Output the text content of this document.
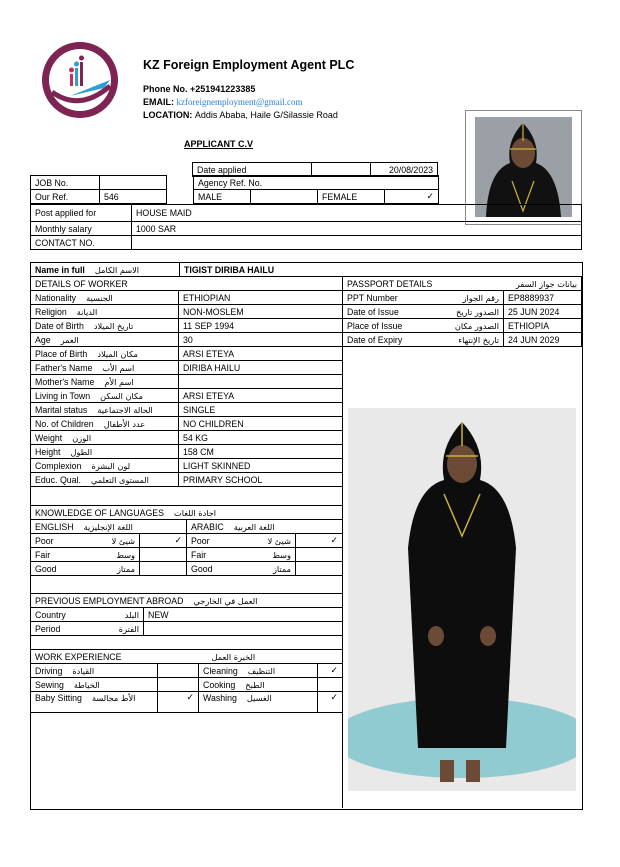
KZ Foreign Employment Agent PLC
Phone No. +251941223385
EMAIL: kzforeignemployment@gmail.com
LOCATION: Addis Ababa, Haile G/Silassie Road
APPLICANT C.V
Date applied		20/08/2023
JOB No.			Agency Ref. No.			
Our Ref.	546		MALE		FEMALE	✓
Post applied for	HOUSE MAID
Monthly salary	1000 SAR
CONTACT NO.	
Name in full الاسم الكامل	TIGIST DIRIBA HAILU
DETAILS OF WORKER	
Nationality الجنسية	ETHIOPIAN
Religion الديانة	NON-MOSLEM
Date of Birth تاريخ الميلاد	11 SEP 1994
Age العمر	30
Place of Birth مكان الميلاد	ARSI ETEYA
Father's Name اسم الأب	DIRIBA HAILU
Mother's Name اسم الأم	
Living in Town مكان السكن	ARSI ETEYA
Marital status الحالة الاجتماعية	SINGLE
No. of Children عدد الأطفال	NO CHILDREN
Weight الوزن	54 KG
Height الطول	158 CM
Complexion لون البشرة	LIGHT SKINNED
Educ. Qual. المستوى التعلمي	PRIMARY SCHOOL
PASSPORT DETAILS بيانات جواز السفر	

PPT Number رقم الجواز	EP8889937
Date of Issue الصدور تاريخ	25 JUN 2024
Place of Issue الصدور مكان	ETHIOPIA
Date of Expiry تاريخ الإنتهاء	24 JUN 2029
KNOWLEDGE OF LANGUAGES اجادة اللغات			
ENGLISH اللغة الإنجليزية		ARABIC اللغة العربية	
Poor شيئ لا	✓	Poor شيئ لا	✓
Fair وسط		Fair وسط	

Good ممتاز		Good ممتاز	

PREVIOUS EMPLOYMENT ABROAD العمل في الخارجي	
Country البلد	NEW
Period الفترة	

WORK EXPERIENCE الخبرة العمل			
Driving القيادة		Cleaning التنظيف	✓
Sewing الخياطة		Cooking الطبخ	
Baby Sitting الأط مجالسة	✓	Washing الغسيل	✓
